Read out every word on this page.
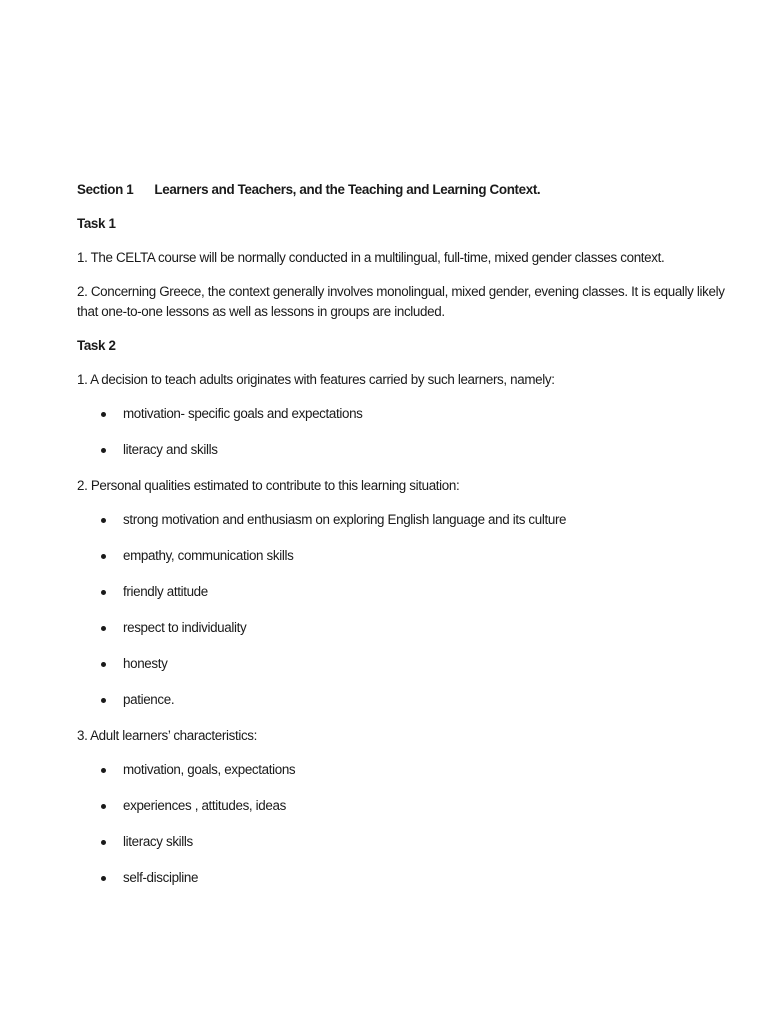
Section 1 Learners and Teachers, and the Teaching and Learning Context.
Task 1
1. The CELTA course will be normally conducted in a multilingual, full-time, mixed gender classes context.
2. Concerning Greece, the context generally involves monolingual, mixed gender, evening classes. It is equally likely that one-to-one lessons as well as lessons in groups are included.
Task 2
1. A decision to teach adults originates with features carried by such learners, namely:
motivation- specific goals and expectations
literacy and skills
2. Personal qualities estimated to contribute to this learning situation:
strong motivation and enthusiasm on exploring English language and its culture
empathy, communication skills
friendly attitude
respect to individuality
honesty
patience.
3. Adult learners’ characteristics:
motivation, goals, expectations
experiences , attitudes, ideas
literacy skills
self-discipline
